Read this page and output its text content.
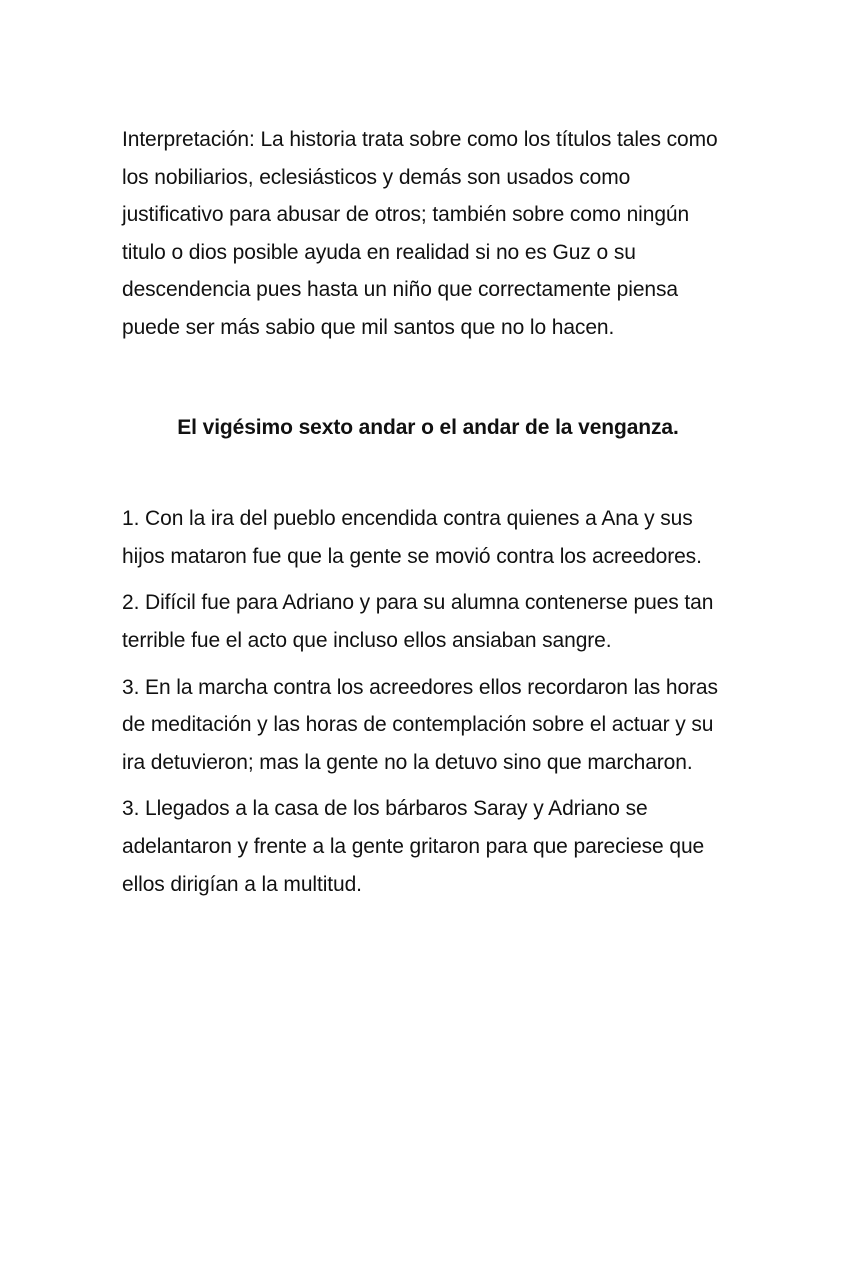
Interpretación: La historia trata sobre como los títulos tales como los nobiliarios, eclesiásticos y demás son usados como justificativo para abusar de otros; también sobre como ningún titulo o dios posible ayuda en realidad si no es Guz o su descendencia pues hasta un niño que correctamente piensa puede ser más sabio que mil santos que no lo hacen.

El vigésimo sexto andar o el andar de la venganza.

1. Con la ira del pueblo encendida contra quienes a Ana y sus hijos mataron fue que la gente se movió contra los acreedores.

2. Difícil fue para Adriano y para su alumna contenerse pues tan terrible fue el acto que incluso ellos ansiaban sangre.

3. En la marcha contra los acreedores ellos recordaron las horas de meditación y las horas de contemplación sobre el actuar y su ira detuvieron; mas la gente no la detuvo sino que marcharon.

3. Llegados a la casa de los bárbaros Saray y Adriano se adelantaron y frente a la gente gritaron para que pareciese que ellos dirigían a la multitud.
